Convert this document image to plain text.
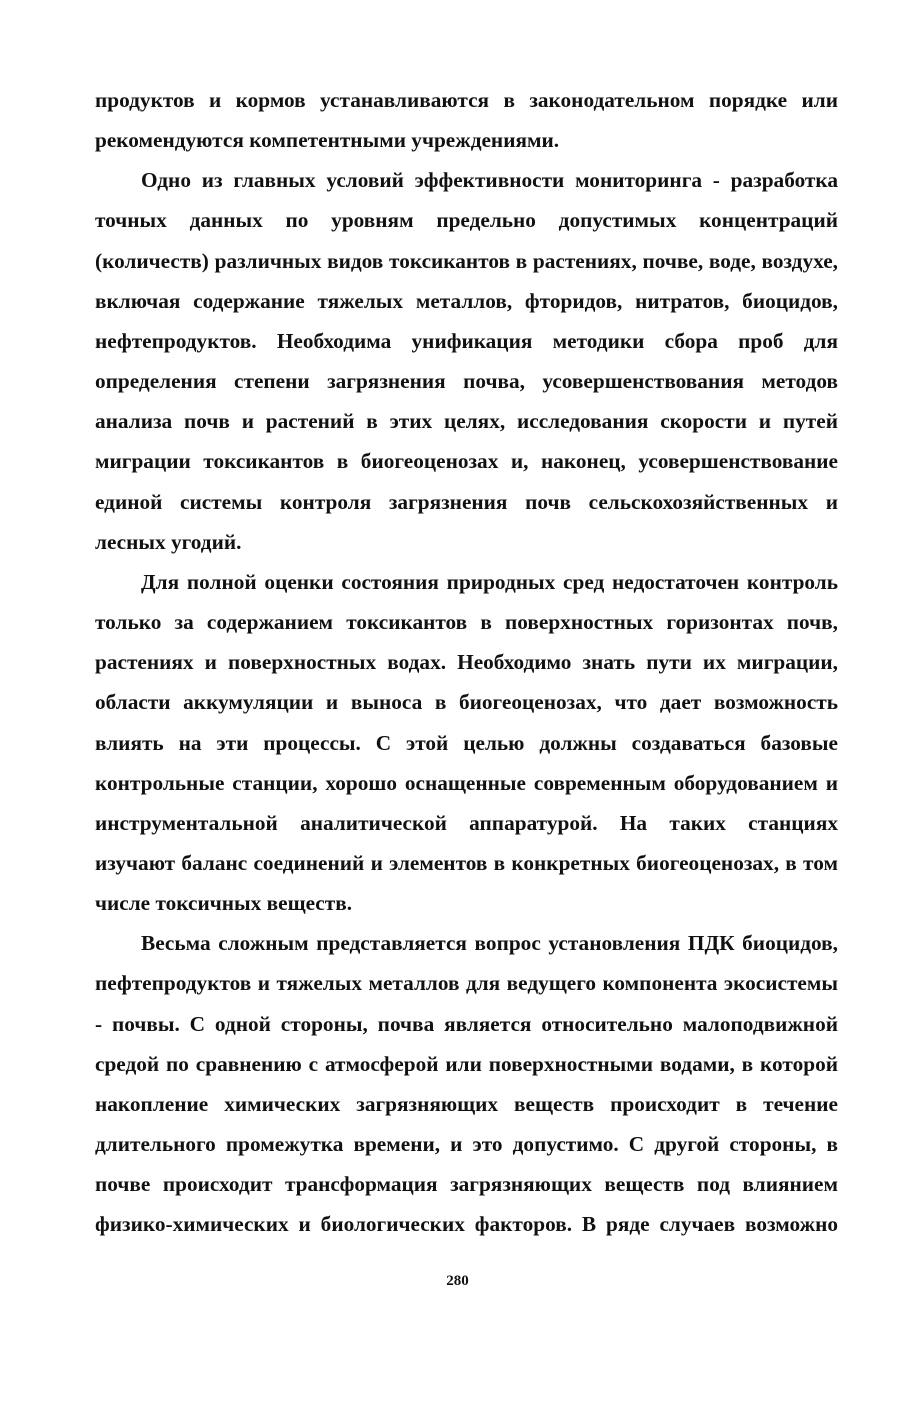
продуктов и кормов устанавливаются в законодательном порядке или рекомендуются компетентными учреждениями.

Одно из главных условий эффективности мониторинга - разработка точных данных по уровням предельно допустимых концентраций (количеств) различных видов токсикантов в растениях, почве, воде, воздухе, включая содержание тяжелых металлов, фторидов, нитратов, биоцидов, нефтепродуктов. Необходима унификация методики сбора проб для определения степени загрязнения почва, усовершенствования методов анализа почв и растений в этих целях, исследования скорости и путей миграции токсикантов в биогеоценозах и, наконец, усовершенствование единой системы контроля загрязнения почв сельскохозяйственных и лесных угодий.

Для полной оценки состояния природных сред недостаточен контроль только за содержанием токсикантов в поверхностных горизонтах почв, растениях и поверхностных водах. Необходимо знать пути их миграции, области аккумуляции и выноса в биогеоценозах, что дает возможность влиять на эти процессы. С этой целью должны создаваться базовые контрольные станции, хорошо оснащенные современным оборудованием и инструментальной аналитической аппаратурой. На таких станциях изучают баланс соединений и элементов в конкретных биогеоценозах, в том числе токсичных веществ.

Весьма сложным представляется вопрос установления ПДК биоцидов, пефтепродуктов и тяжелых металлов для ведущего компонента экосистемы - почвы. С одной стороны, почва является относительно малоподвижной средой по сравнению с атмосферой или поверхностными водами, в которой накопление химических загрязняющих веществ происходит в течение длительного промежутка времени, и это допустимо. С другой стороны, в почве происходит трансформация загрязняющих веществ под влиянием физико-химических и биологических факторов. В ряде случаев возможно

280
